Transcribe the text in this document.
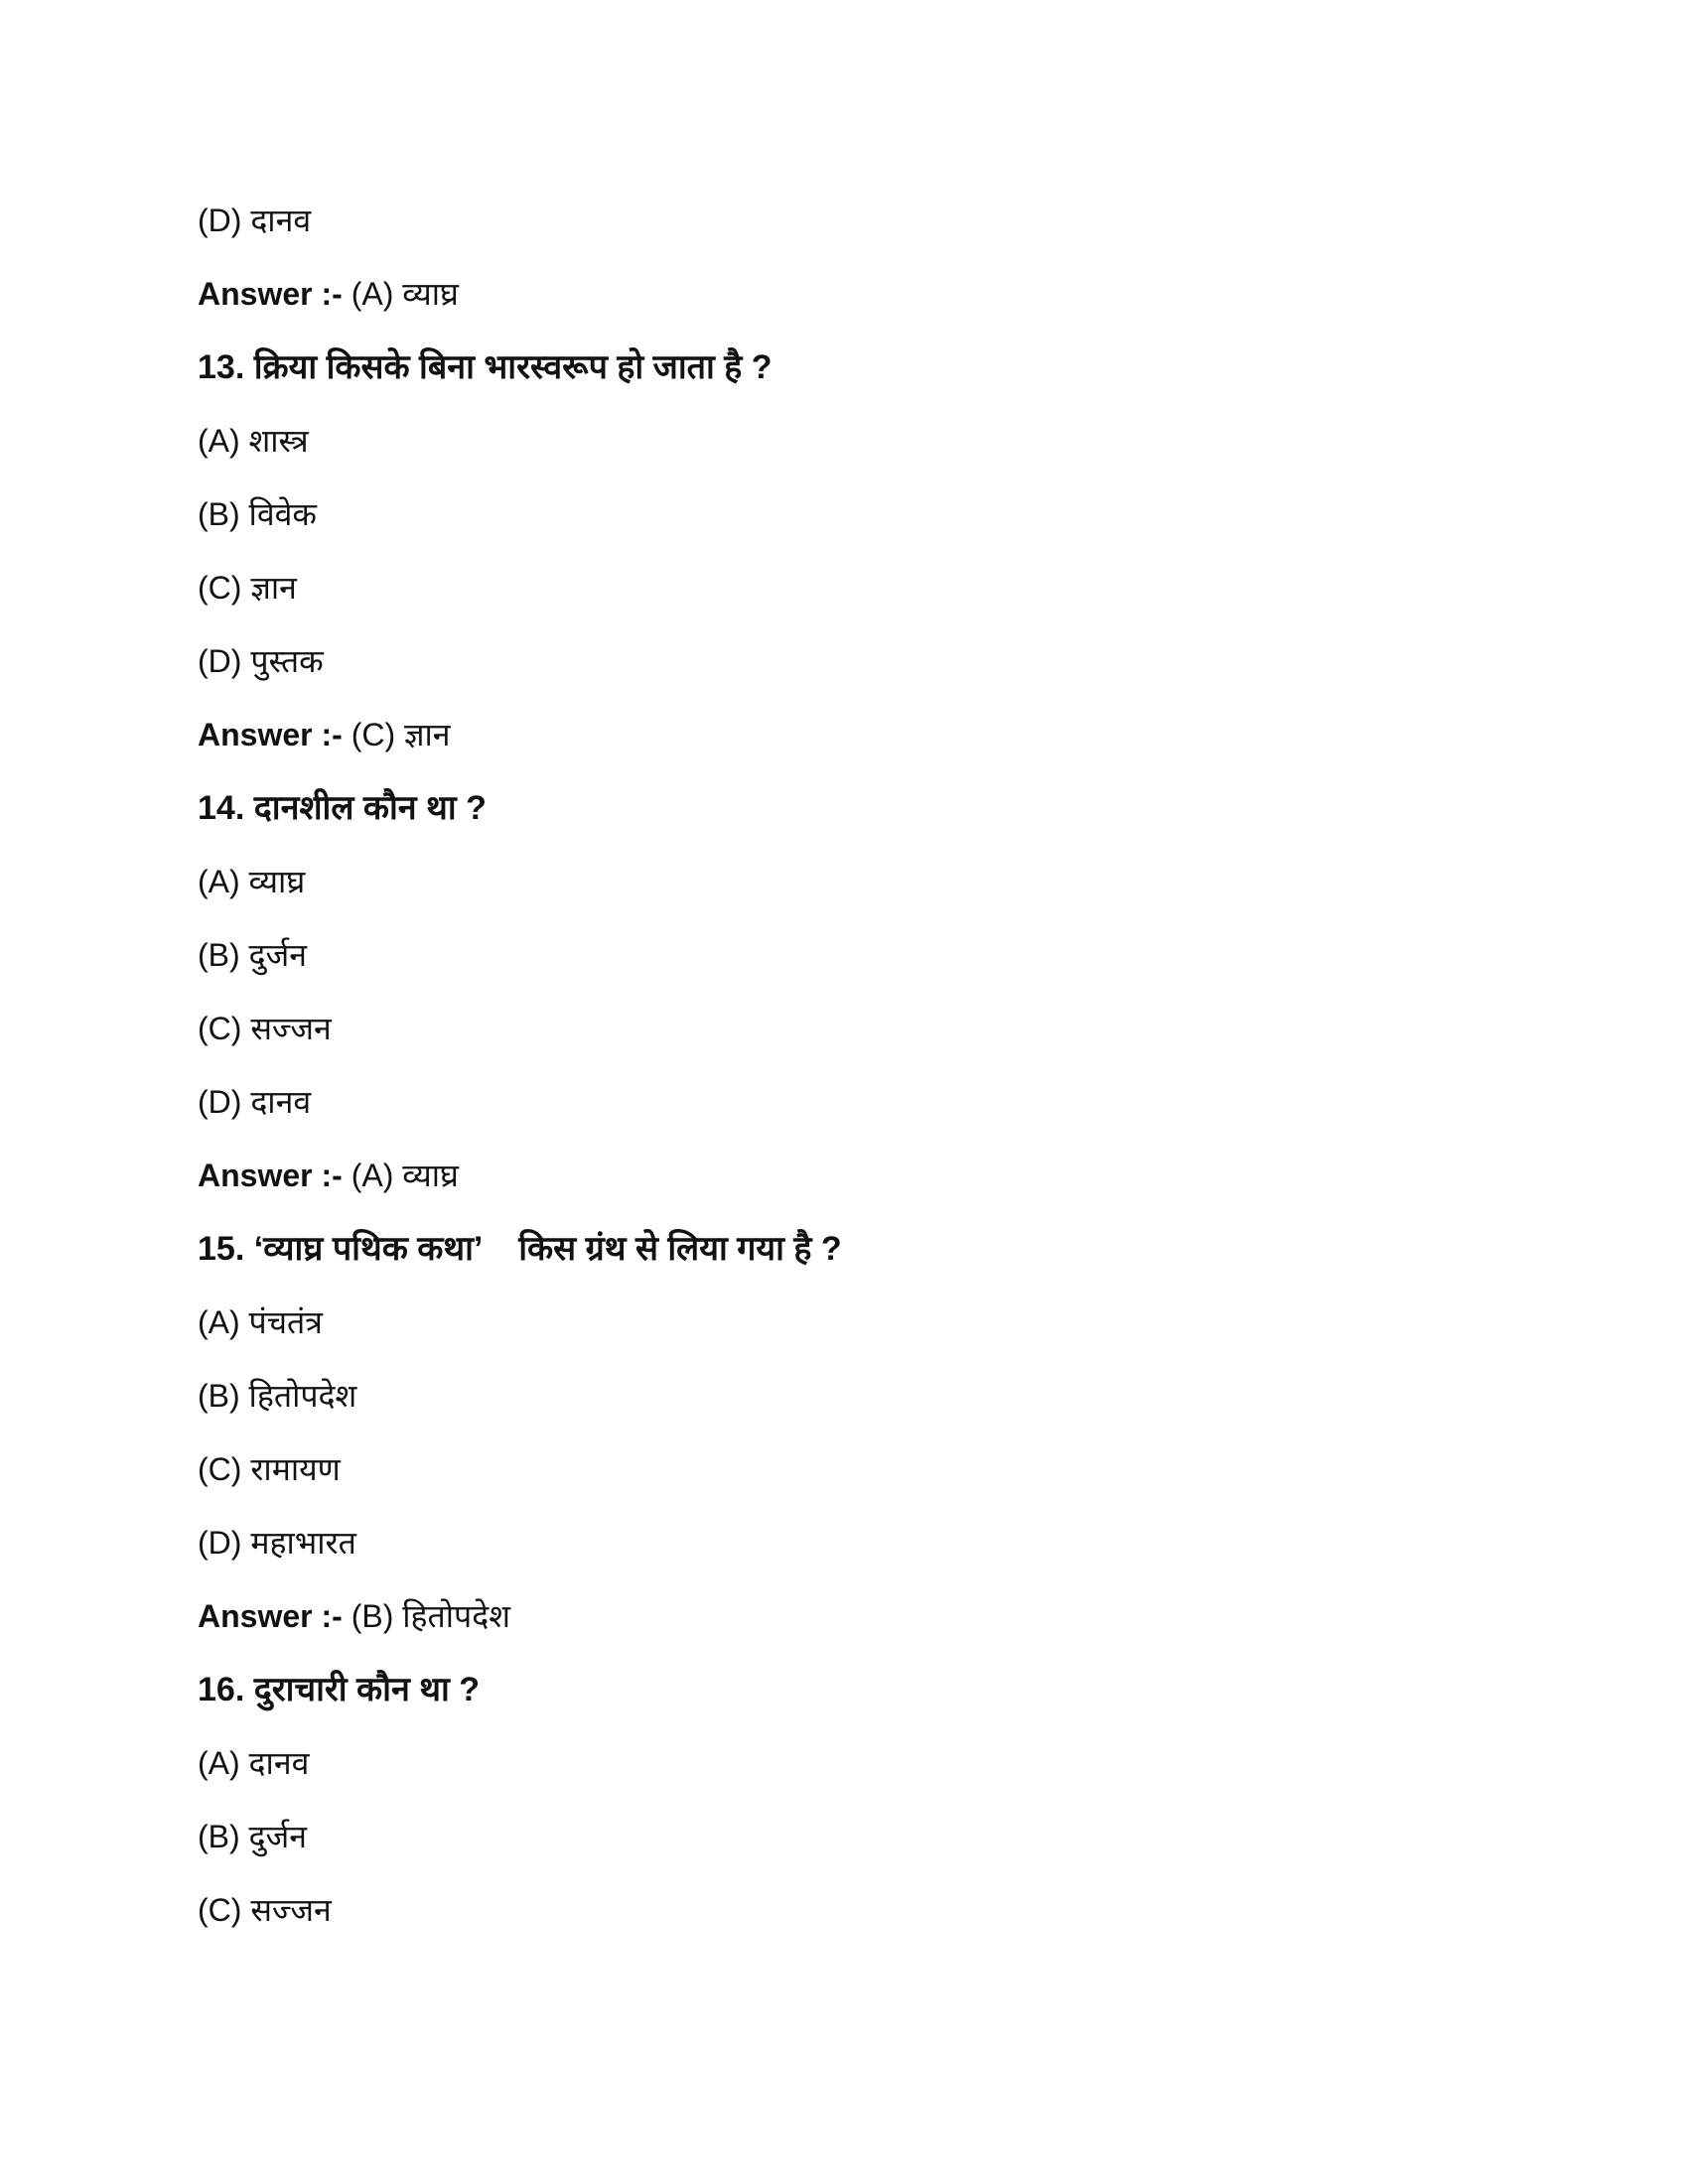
(D) दानव
Answer :- (A) व्याघ्र
13. क्रिया किसके बिना भारस्वरूप हो जाता है ?
(A) शास्त्र
(B) विवेक
(C) ज्ञान
(D) पुस्तक
Answer :- (C) ज्ञान
14. दानशील कौन था ?
(A) व्याघ्र
(B) दुर्जन
(C) सज्जन
(D) दानव
Answer :- (A) व्याघ्र
15. ‘व्याघ्र पथिक कथा’    किस ग्रंथ से लिया गया है ?
(A) पंचतंत्र
(B) हितोपदेश
(C) रामायण
(D) महाभारत
Answer :- (B) हितोपदेश
16. दुराचारी कौन था ?
(A) दानव
(B) दुर्जन
(C) सज्जन
